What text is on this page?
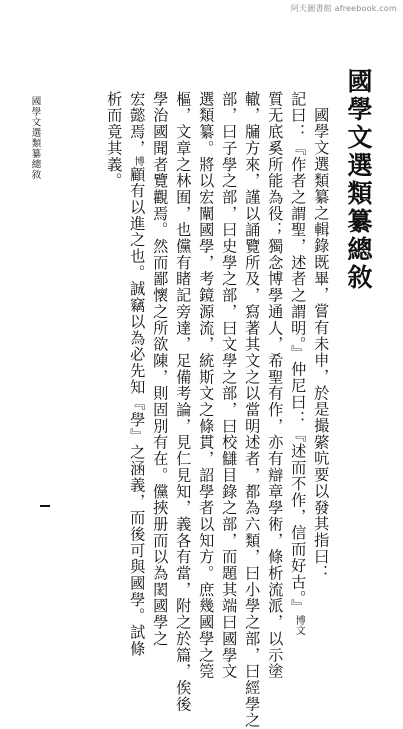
阿夫圖書館 afreebook.com
國學文選類纂總敘
國學文選類纂之輯錄既畢，嘗有未申，於是撮綮吭要以發其指曰：
記曰：『作者之謂聖，述者之謂明。』仲尼曰：『述而不作，信而好古。』博文
質无底奚所能為役；獨念博學通人，希聖有作，亦有辯章學術，條析流派，以示塗
轍，牖方來，謹以誦覽所及，寫著其文之以當明述者，都為六類，曰小學之部，曰經學之
部，曰子學之部，曰史學之部，曰文學之部，曰校讎目錄之部，而題其端曰國學文
選類纂。將以宏闡國學，考鏡源流，統斯文之條貫，詔學者以知方。庶幾國學之筦
樞，文章之林囿，也儻有睹記旁達，足備考論，見仁見知，義各有當，附之於篇，俟後
學治國聞者覽觀焉。然而鄙懷之所欲陳，則固別有在。儻挾册而以為閎國學之
宏懿焉，博顧有以進之也。誠竊以為必先知『學』之涵義，而後可與國學。試條
析而竟其義。
國學文選類纂總敘
